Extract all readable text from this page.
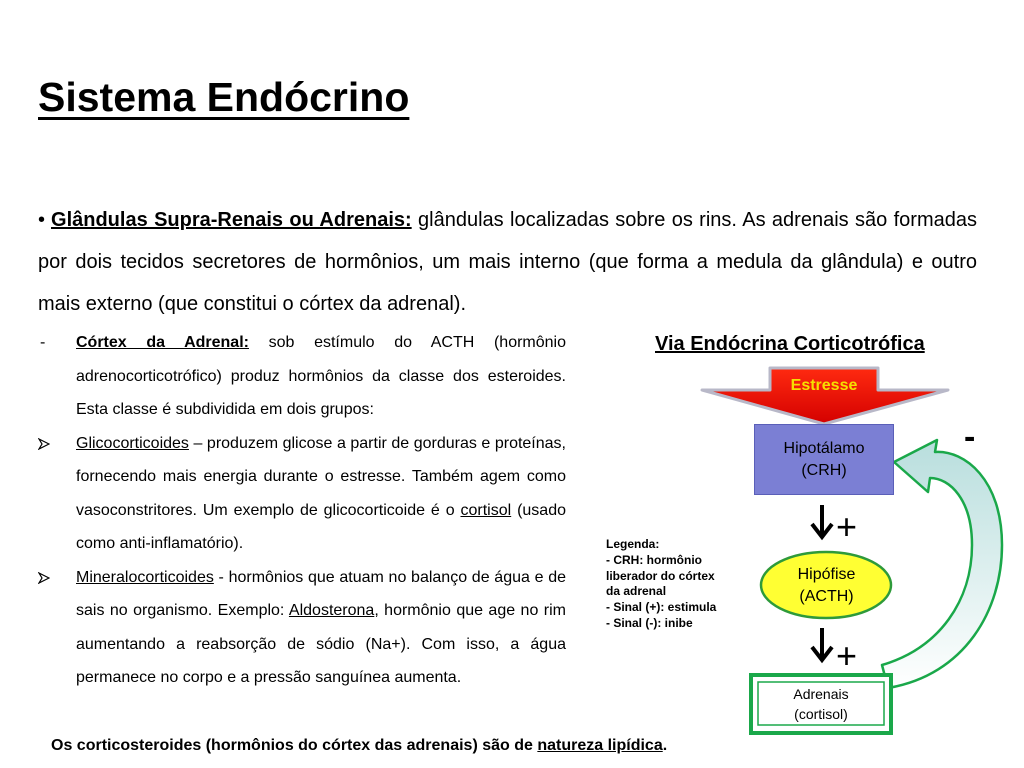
Sistema Endócrino
• Glândulas Supra-Renais ou Adrenais: glândulas localizadas sobre os rins. As adrenais são formadas por dois tecidos secretores de hormônios, um mais interno (que forma a medula da glândula) e outro mais externo (que constitui o córtex da adrenal).
- Córtex da Adrenal: sob estímulo do ACTH (hormônio adrenocorticotrófico) produz hormônios da classe dos esteroides. Esta classe é subdividida em dois grupos:
Glicocorticoides – produzem glicose a partir de gorduras e proteínas, fornecendo mais energia durante o estresse. Também agem como vasoconstritores. Um exemplo de glicocorticoide é o cortisol (usado como anti-inflamatório).
Mineralocorticoides - hormônios que atuam no balanço de água e de sais no organismo. Exemplo: Aldosterona, hormônio que age no rim aumentando a reabsorção de sódio (Na+). Com isso, a água permanece no corpo e a pressão sanguínea aumenta.
Os corticosteroides (hormônios do córtex das adrenais) são de natureza lipídica.
Via Endócrina Corticotrófica
Estresse
Hipotálamo
(CRH)
Hipófise
(ACTH)
Adrenais
(cortisol)
-
+
+
Legenda:
- CRH: hormônio
liberador do córtex
da adrenal
- Sinal (+): estimula
- Sinal (-): inibe
